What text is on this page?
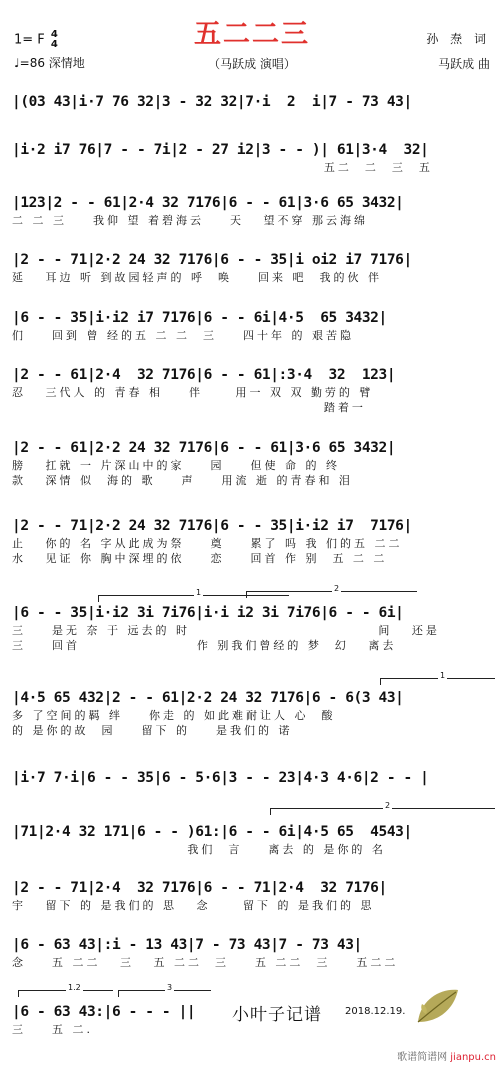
五二二三
1= F 4
4
♩=86 深情地	（马跃成 演唱）
孙 焘 词
马跃成 曲
|(03 43|i·7 76 32|3 - 32 32|7·i  2  i|7 - 73 43|
|i·2 i7 76|7 - - 7i|2 - 27 i2|3 - - )| 61|3·4  32|
五二  二  三  五
|123|2 - - 61|2·4 32 7176|6 - - 61|3·6 65 3432|
二 二 三    我仰 望 着碧海云    天   望不穿 那云海绵
|2 - - 71|2·2 24 32 7176|6 - - 35|i oi2 i7 7176|
延   耳边 听 到故园轻声的 呼  唤    回来 吧  我的伙 伴
|6 - - 35|i·i2 i7 7176|6 - - 6i|4·5  65 3432|
们    回到 曾 经的五 二 二  三    四十年 的 艰苦隐
|2 - - 61|2·4  32 7176|6 - - 61|:3·4  32  123|
忍   三代人 的 青春 相    伴     用一 双 双 勤劳的 臂
踏着一
|2 - - 61|2·2 24 32 7176|6 - - 61|3·6 65 3432|
膀   扛就 一 片深山中的家    园    但使 命 的 终
款   深情 似  海的 歌    声    用流 逝 的青春和 泪
|2 - - 71|2·2 24 32 7176|6 - - 35|i·i2 i7  7176|
止   你的 名 字从此成为祭    奠    累了 吗 我 们的五 二二
水   见证 你 胸中深埋的依    恋    回首 作 别  五 二 二
1	2
|6 - - 35|i·i2 3i 7i76|i·i i2 3i 7i76|6 - - 6i|
三    是无 奈 于 远去的 时                             间   还是
三    回首                  作 别我们曾经的 梦  幻   离去
1
|4·5 65 432|2 - - 61|2·2 24 32 7176|6 - 6(3 43|
多 了空间的羁 绊    你走 的 如此难耐让人 心  酸
的 是你的故  园    留下 的    是我们的 诺
|i·7 7·i|6 - - 35|6 - 5·6|3 - - 23|4·3 4·6|2 - - |
2
|71|2·4 32 171|6 - - )61:|6 - - 6i|4·5 65  4543|
我们  言    离去 的 是你的 名
|2 - - 71|2·4  32 7176|6 - - 71|2·4  32 7176|
宇   留下 的 是我们的 思   念     留下 的 是我们的 思
|6 - 63 43|:i - 13 43|7 - 73 43|7 - 73 43|
念    五 二二   三   五 二二  三    五 二二  三    五二二
1.2	3
|6 - 63 43:|6 - - - ||
三    五 二.
小叶子记谱 2018.12.19.
歌谱简谱网 jianpu.cn
